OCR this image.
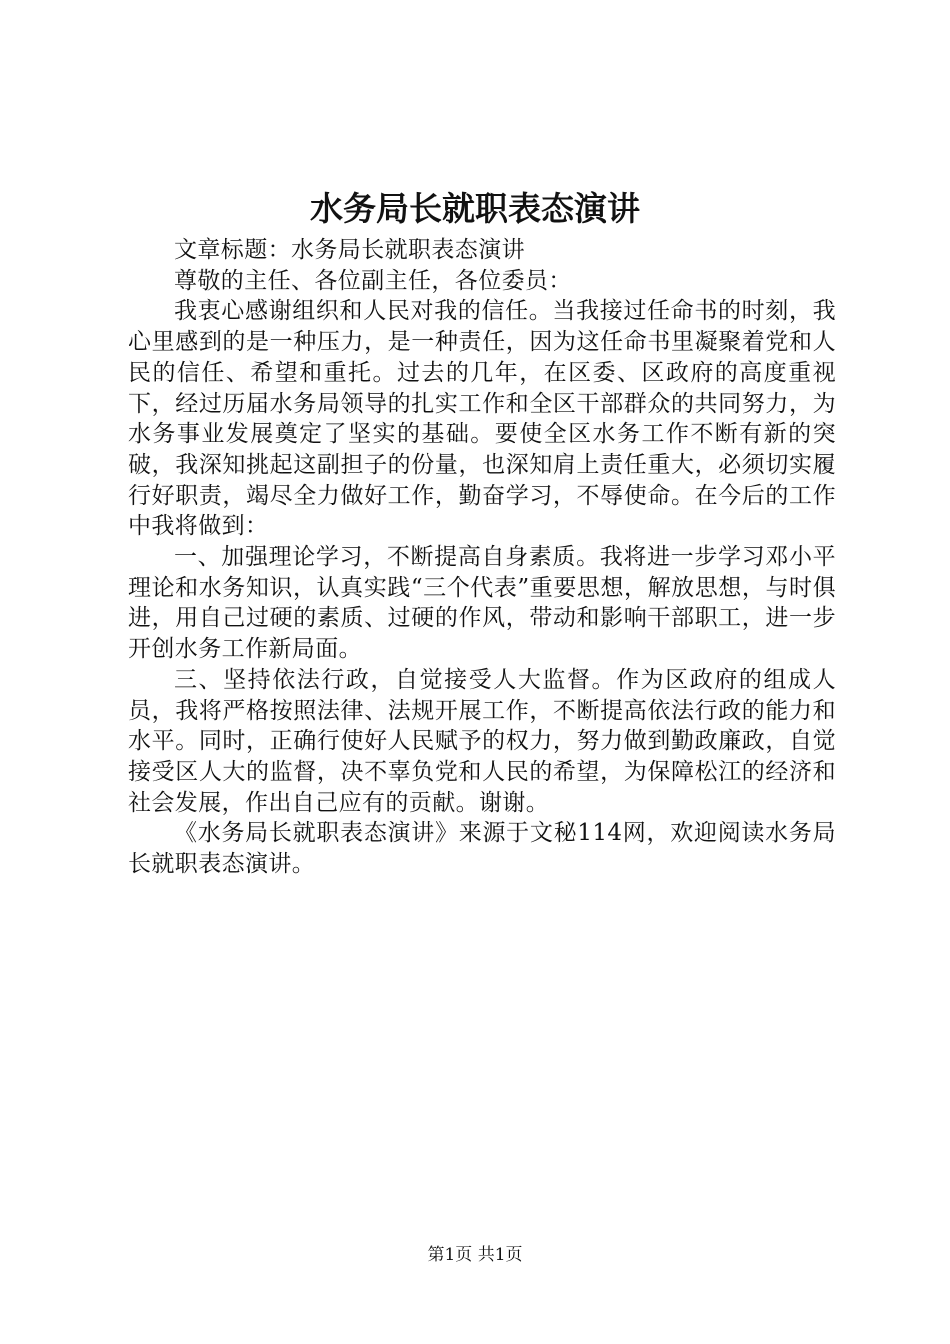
水务局长就职表态演讲

文章标题：水务局长就职表态演讲

尊敬的主任、各位副主任，各位委员：

我衷心感谢组织和人民对我的信任。当我接过任命书的时刻，我心里感到的是一种压力，是一种责任，因为这任命书里凝聚着党和人民的信任、希望和重托。过去的几年，在区委、区政府的高度重视下，经过历届水务局领导的扎实工作和全区干部群众的共同努力，为水务事业发展奠定了坚实的基础。要使全区水务工作不断有新的突破，我深知挑起这副担子的份量，也深知肩上责任重大，必须切实履行好职责，竭尽全力做好工作，勤奋学习，不辱使命。在今后的工作中我将做到：

一、加强理论学习，不断提高自身素质。我将进一步学习邓小平理论和水务知识，认真实践“三个代表”重要思想，解放思想，与时俱进，用自己过硬的素质、过硬的作风，带动和影响干部职工，进一步开创水务工作新局面。

三、坚持依法行政，自觉接受人大监督。作为区政府的组成人员，我将严格按照法律、法规开展工作，不断提高依法行政的能力和水平。同时，正确行使好人民赋予的权力，努力做到勤政廉政，自觉接受区人大的监督，决不辜负党和人民的希望，为保障松江的经济和社会发展，作出自己应有的贡献。谢谢。

《水务局长就职表态演讲》来源于文秘114网，欢迎阅读水务局长就职表态演讲。

第1页 共1页
